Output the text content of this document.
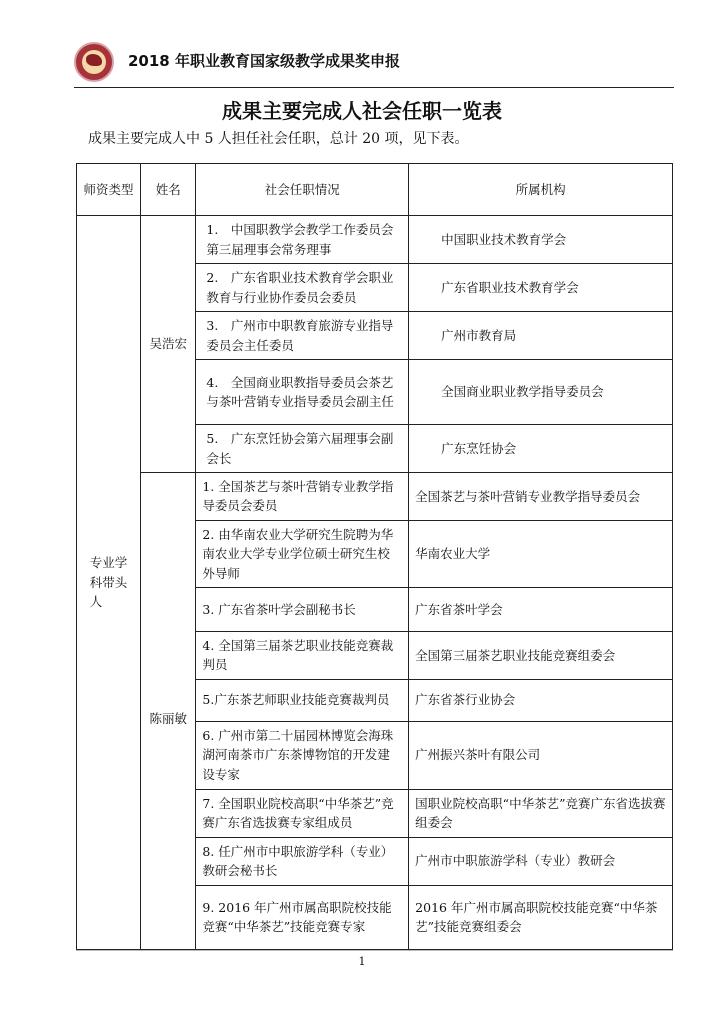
2018 年职业教育国家级教学成果奖申报
成果主要完成人社会任职一览表
成果主要完成人中 5 人担任社会任职，总计 20 项，见下表。
师资类型	姓名	社会任职情况	所属机构
专业学科带头人	吴浩宏	1.　中国职教学会教学工作委员会第三届理事会常务理事	中国职业技术教育学会
		2.　广东省职业技术教育学会职业教育与行业协作委员会委员	广东省职业技术教育学会
		3.　广州市中职教育旅游专业指导委员会主任委员	广州市教育局
		4.　全国商业职教指导委员会茶艺与茶叶营销专业指导委员会副主任	全国商业职业教学指导委员会
		5.　广东烹饪协会第六届理事会副会长	广东烹饪协会
	陈丽敏	1. 全国茶艺与茶叶营销专业教学指导委员会委员	全国茶艺与茶叶营销专业教学指导委员会
		2. 由华南农业大学研究生院聘为华南农业大学专业学位硕士研究生校外导师	华南农业大学
		3. 广东省茶叶学会副秘书长	广东省茶叶学会
		4. 全国第三届茶艺职业技能竞赛裁判员	全国第三届茶艺职业技能竞赛组委会
		5.广东茶艺师职业技能竞赛裁判员	广东省茶行业协会
		6. 广州市第二十届园林博览会海珠湖河南茶市广东茶博物馆的开发建设专家	广州振兴茶叶有限公司
		7. 全国职业院校高职“中华茶艺”竞赛广东省选拔赛专家组成员	国职业院校高职“中华茶艺”竞赛广东省选拔赛组委会
		8. 任广州市中职旅游学科（专业）教研会秘书长	广州市中职旅游学科（专业）教研会
		9. 2016 年广州市属高职院校技能竞赛“中华茶艺”技能竞赛专家	2016 年广州市属高职院校技能竞赛“中华茶艺”技能竞赛组委会
1
